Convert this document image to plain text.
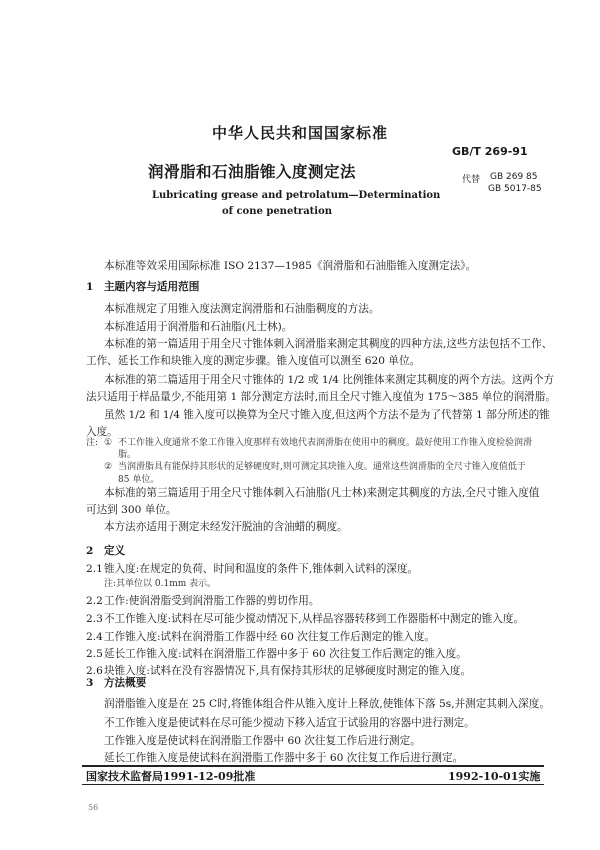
中华人民共和国国家标准
润滑脂和石油脂锥入度测定法
GB/T 269-91
代替 GB 269 85
GB 5017-85
Lubricating grease and petrolatum—Determination
of cone penetration
本标准等效采用国际标准 ISO 2137—1985《润滑脂和石油脂锥入度测定法》。
1　主题内容与适用范围
本标准规定了用锥入度法测定润滑脂和石油脂稠度的方法。
本标准适用于润滑脂和石油脂(凡士林)。
本标准的第一篇适用于用全尺寸锥体刺入润滑脂来测定其稠度的四种方法,这些方法包括不工作、
工作、延长工作和块锥入度的测定步骤。锥入度值可以测至 620 单位。
本标准的第二篇适用于用全尺寸锥体的 1/2 或 1/4 比例锥体来测定其稠度的两个方法。这两个方
法只适用于样品量少,不能用第 1 部分测定方法时,而且全尺寸锥入度值为 175～385 单位的润滑脂。
虽然 1/2 和 1/4 锥入度可以换算为全尺寸锥入度,但这两个方法不是为了代替第 1 部分所述的锥
入度。
注: ① 不工作锥入度通常不象工作锥入度那样有效地代表润滑脂在使用中的稠度。最好使用工作锥入度检验润滑
脂。
② 当润滑脂具有能保持其形状的足够硬度时,则可测定其块锥入度。通常这些润滑脂的全尺寸锥入度值低于
85 单位。
本标准的第三篇适用于用全尺寸锥体刺入石油脂(凡士林)来测定其稠度的方法,全尺寸锥入度值
可达到 300 单位。
本方法亦适用于测定未经发汗脱油的含油蜡的稠度。
2　定义
2.1锥入度:在规定的负荷、时间和温度的条件下,锥体刺入试料的深度。
注:其单位以 0.1mm 表示。
2.2工作:使润滑脂受到润滑脂工作器的剪切作用。
2.3不工作锥入度:试料在尽可能少搅动情况下,从样品容器转移到工作器脂杯中测定的锥入度。
2.4工作锥入度:试料在润滑脂工作器中经 60 次往复工作后测定的锥入度。
2.5延长工作锥入度:试料在润滑脂工作器中多于 60 次往复工作后测定的锥入度。
2.6块锥入度:试料在没有容器情况下,具有保持其形状的足够硬度时测定的锥入度。
3　方法概要
润滑脂锥入度是在 25 C时,将锥体组合件从锥入度计上释放,使锥体下落 5s,并测定其刺入深度。
不工作锥入度是使试料在尽可能少搅动下移入适宜于试验用的容器中进行测定。
工作锥入度是使试料在润滑脂工作器中 60 次往复工作后进行测定。
延长工作锥入度是使试料在润滑脂工作器中多于 60 次往复工作后进行测定。
国家技术监督局1991-12-09批准	1992-10-01实施
56
